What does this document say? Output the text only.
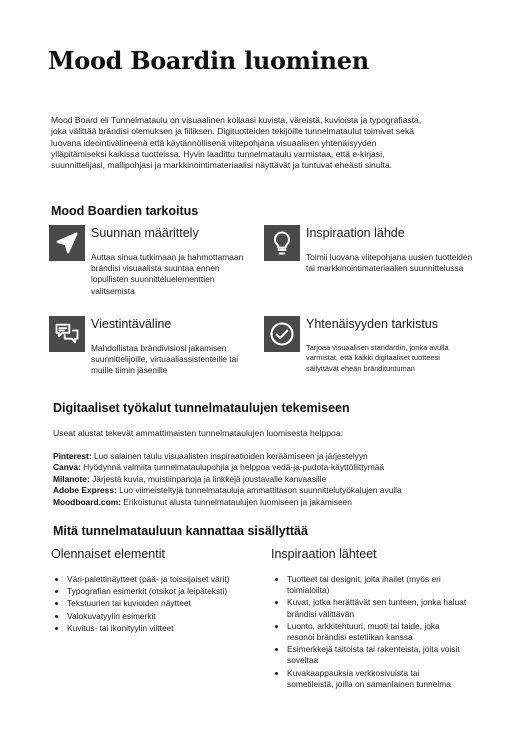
Mood Boardin luominen

Mood Board eli Tunnelmataulu on visuaalinen kollaasi kuvista, väreistä, kuvioista ja typografiasta, joka välittää brändisi olemuksen ja fiiliksen. Digituotteiden tekijöille tunnelmataulut toimivat sekä luovana ideointivälineenä että käytännöllisenä viitepohjana visuaalisen yhtenäisyyden ylläpitämiseksi kaikissa tuotteissa. Hyvin laadittu tunnelmataulu varmistaa, että e-kirjasi, suunnittelijasi, mallipohjasi ja markkinointimateriaalisi näyttävät ja tuntuvat eheästi sinulta.

Mood Boardien tarkoitus
Suunnan määrittely
Auttaa sinua tutkimaan ja hahmottamaan brändisi visuaalista suuntaa ennen lopullisten suunnitteluelementtien valitsemista
Inspiraation lähde
Toimii luovana viitepohjana uusien tuotteiden tai markkinointimateriaalien suunnittelussa
Viestintäväline
Mahdollistaa brändivisiosi jakamisen suunnittelijoille, virtuaaliassistenteille tai muille tiimin jäsenille
Yhtenäisyyden tarkistus
Tarjoaa visuaalisen standardin, jonka avulla varmistat, että kaikki digitaaliset tuotteesi säilyttävät eheän brändituntuman
Digitaaliset työkalut tunnelmataulujen tekemiseen
Useat alustat tekevät ammattimaisten tunnelmataulujen luomisesta helppoa:
Pinterest: Luo salainen taulu visuaalisten inspiraatioiden keräämiseen ja järjestelyyn
Canva: Hyödynnä valmiita tunnelmataulupohjia ja helppoa vedä-ja-pudota-käyttöliittymää
Milanote: Järjestä kuvia, muistiinpanoja ja linkkejä joustavalle kanvaasille
Adobe Express: Luo viimeisteltyjä tunnelmatauluja ammattitason suunnittelutyökalujen avulla
Moodboard.com: Erikoistunut alusta tunnelmataulujen luomiseen ja jakamiseen
Mitä tunnelmatauluun kannattaa sisällyttää
Olennaiset elementit
• Väri-palettinäytteet (pää- ja toissijaiset värit)
• Typografian esimerkit (otsikot ja leipäteksti)
• Tekstuurien tai kuvioiden näytteet
• Valokuvatyylin esimerkit
• Kuvitus- tai ikonityylin viitteet
Inspiraation lähteet
• Tuotteet tai designit, joita ihailet (myös eri toimialoilta)
• Kuvat, jotka herättävät sen tunteen, jonka haluat brändisi välittävän
• Luonto, arkkitehtuuri, muoti tai taide, joka resonoi brändisi estetiikan kanssa
• Esimerkkejä taitoista tai rakenteista, joita voisit soveltaa
• Kuvakaappauksia verkkosivuista tai sometileistä, joilla on samanlainen tunnelma
